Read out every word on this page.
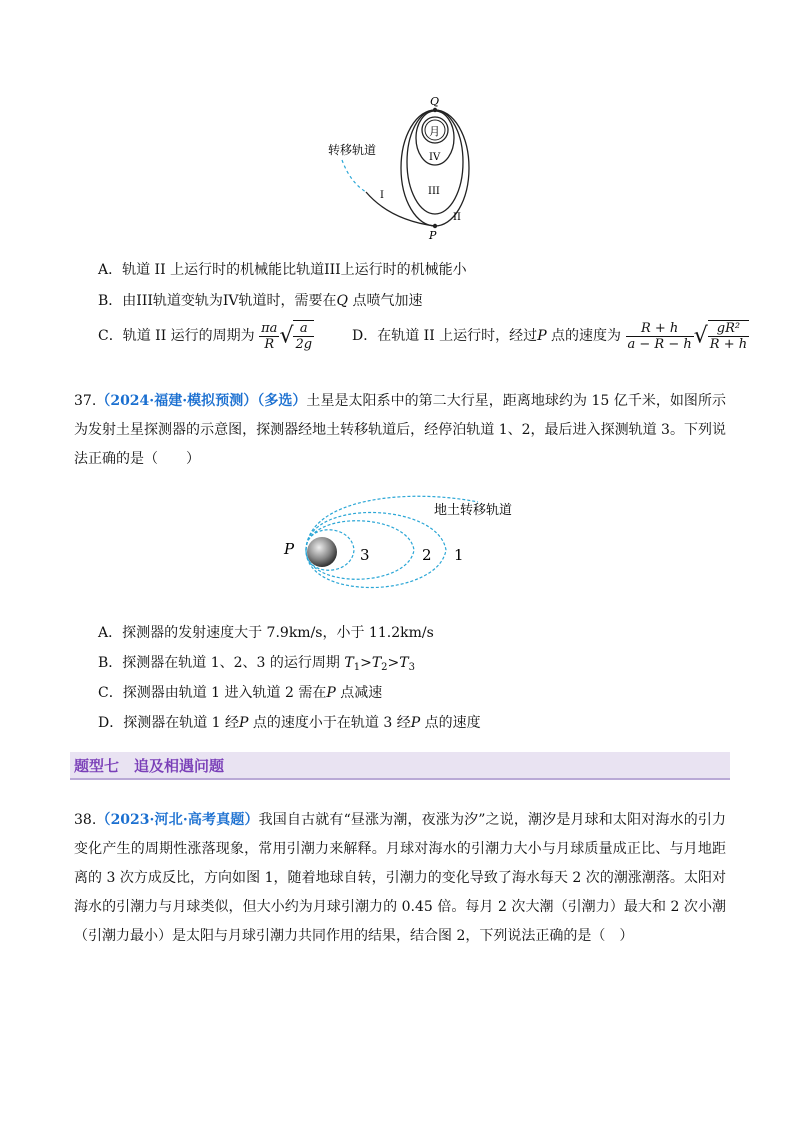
Q
P
月
IV
III
II
I
转移轨道
A．轨道 II 上运行时的机械能比轨道III上运行时的机械能小
B．由III轨道变轨为IV轨道时，需要在Q 点喷气加速
C．轨道 II 运行的周期为 $\frac{\pi a}{R}$ √ $\frac{a}{2g}$	D．在轨道 II 上运行时，经过P 点的速度为 $\frac{R + h}{a - R - h}$ √ $\frac{\text{gR²}}{R + h}$
37.（2024·福建·模拟预测）（多选）土星是太阳系中的第二大行星，距离地球约为 15 亿千米，如图所示为发射土星探测器的示意图，探测器经地土转移轨道后，经停泊轨道 1、2，最后进入探测轨道 3。下列说法正确的是（　　）
P	3	2 1
地土转移轨道
A．探测器的发射速度大于 7.9km/s，小于 11.2km/s
B．探测器在轨道 1、2、3 的运行周期 $T_1>T_2>T_3$
C．探测器由轨道 1 进入轨道 2 需在P 点减速
D．探测器在轨道 1 经P 点的速度小于在轨道 3 经P 点的速度
题型七　追及相遇问题
38.（2023·河北·高考真题）我国自古就有“昼涨为潮，夜涨为汐”之说，潮汐是月球和太阳对海水的引力变化产生的周期性涨落现象，常用引潮力来解释。月球对海水的引潮力大小与月球质量成正比、与月地距离的 3 次方成反比，方向如图 1，随着地球自转，引潮力的变化导致了海水每天 2 次的潮涨潮落。太阳对海水的引潮力与月球类似，但大小约为月球引潮力的 0.45 倍。每月 2 次大潮（引潮力）最大和 2 次小潮（引潮力最小）是太阳与月球引潮力共同作用的结果，结合图 2，下列说法正确的是（　）
